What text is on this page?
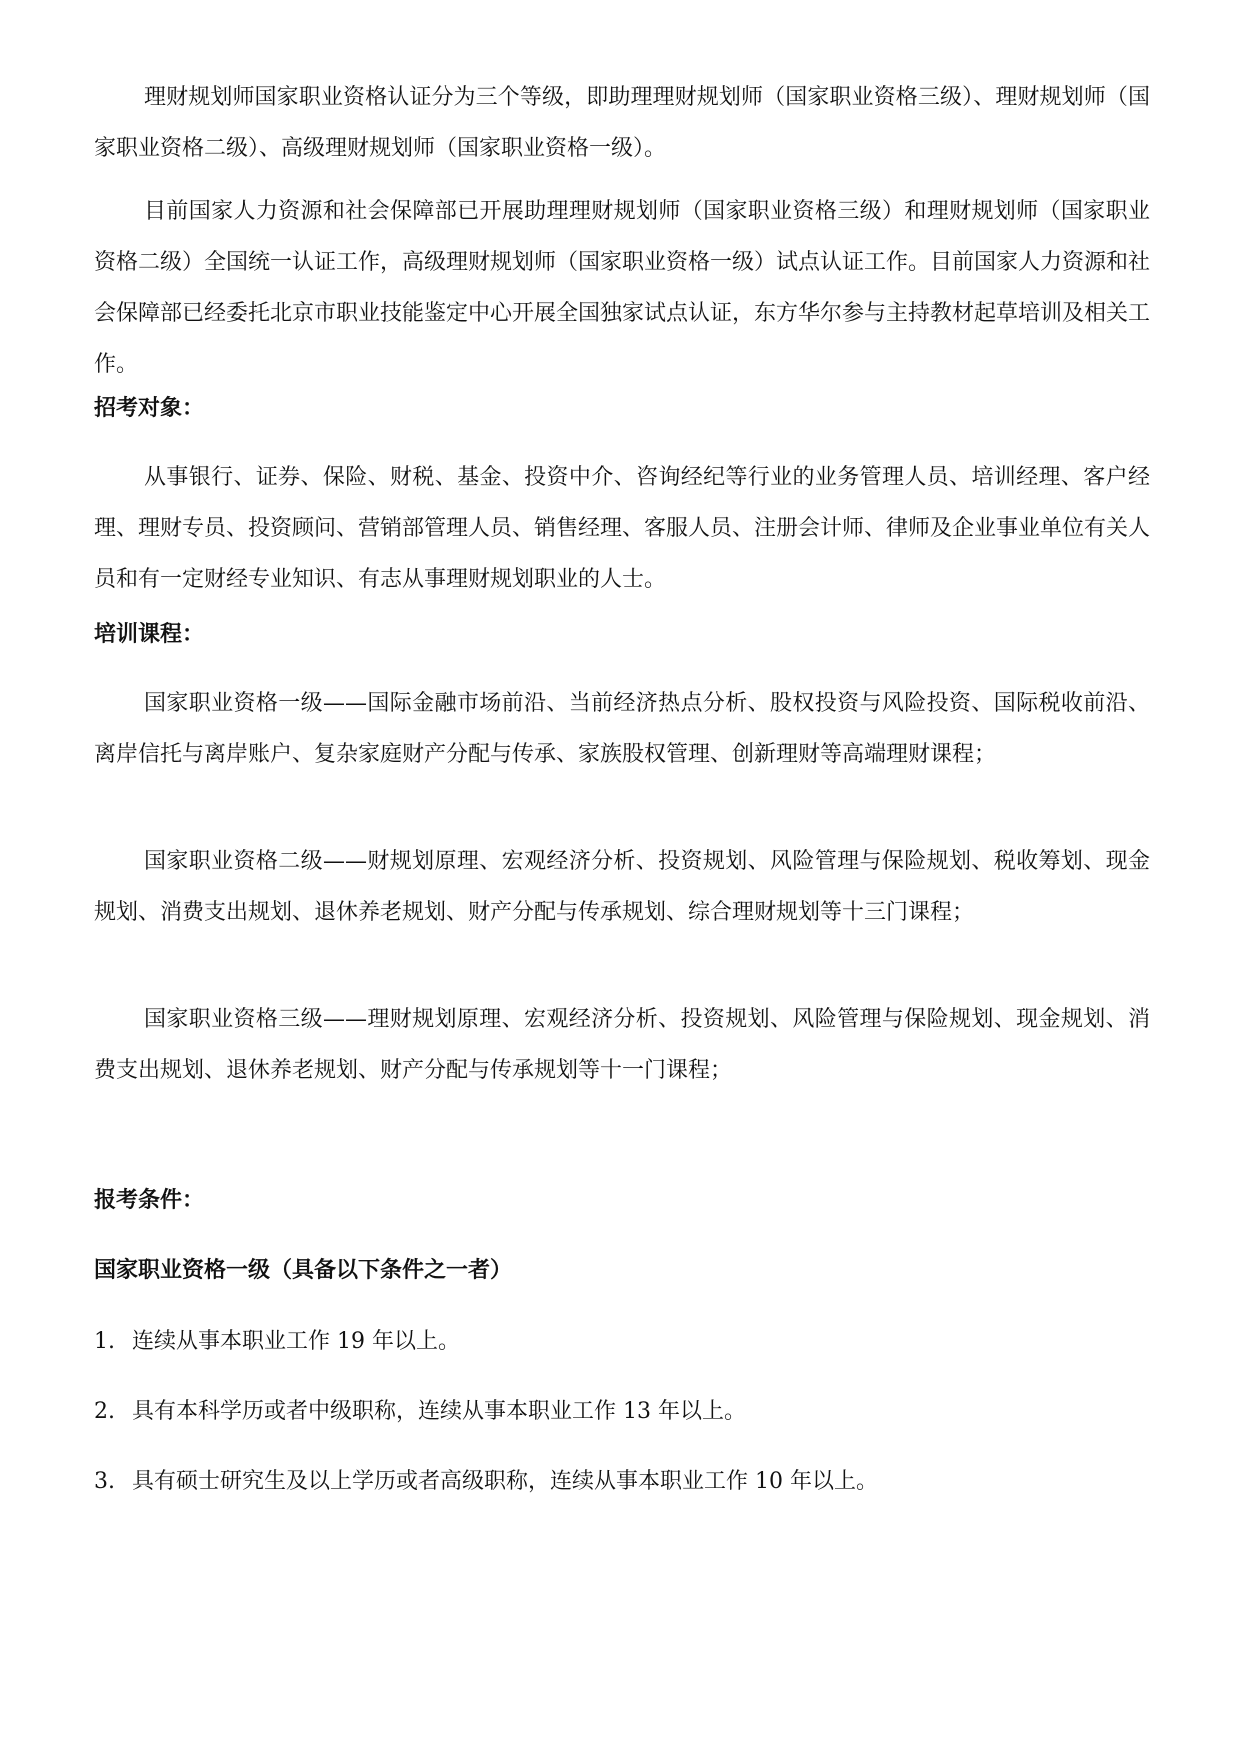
理财规划师国家职业资格认证分为三个等级，即助理理财规划师（国家职业资格三级）、理财规划师（国家职业资格二级）、高级理财规划师（国家职业资格一级）。

目前国家人力资源和社会保障部已开展助理理财规划师（国家职业资格三级）和理财规划师（国家职业资格二级）全国统一认证工作，高级理财规划师（国家职业资格一级）试点认证工作。目前国家人力资源和社会保障部已经委托北京市职业技能鉴定中心开展全国独家试点认证，东方华尔参与主持教材起草培训及相关工作。

招考对象：

从事银行、证券、保险、财税、基金、投资中介、咨询经纪等行业的业务管理人员、培训经理、客户经理、理财专员、投资顾问、营销部管理人员、销售经理、客服人员、注册会计师、律师及企业事业单位有关人员和有一定财经专业知识、有志从事理财规划职业的人士。

培训课程：

国家职业资格一级——国际金融市场前沿、当前经济热点分析、股权投资与风险投资、国际税收前沿、离岸信托与离岸账户、复杂家庭财产分配与传承、家族股权管理、创新理财等高端理财课程；

国家职业资格二级——财规划原理、宏观经济分析、投资规划、风险管理与保险规划、税收筹划、现金规划、消费支出规划、退休养老规划、财产分配与传承规划、综合理财规划等十三门课程；

国家职业资格三级——理财规划原理、宏观经济分析、投资规划、风险管理与保险规划、现金规划、消费支出规划、退休养老规划、财产分配与传承规划等十一门课程；

报考条件：

国家职业资格一级（具备以下条件之一者）

1. 连续从事本职业工作 19 年以上。

2. 具有本科学历或者中级职称，连续从事本职业工作 13 年以上。

3. 具有硕士研究生及以上学历或者高级职称，连续从事本职业工作 10 年以上。
